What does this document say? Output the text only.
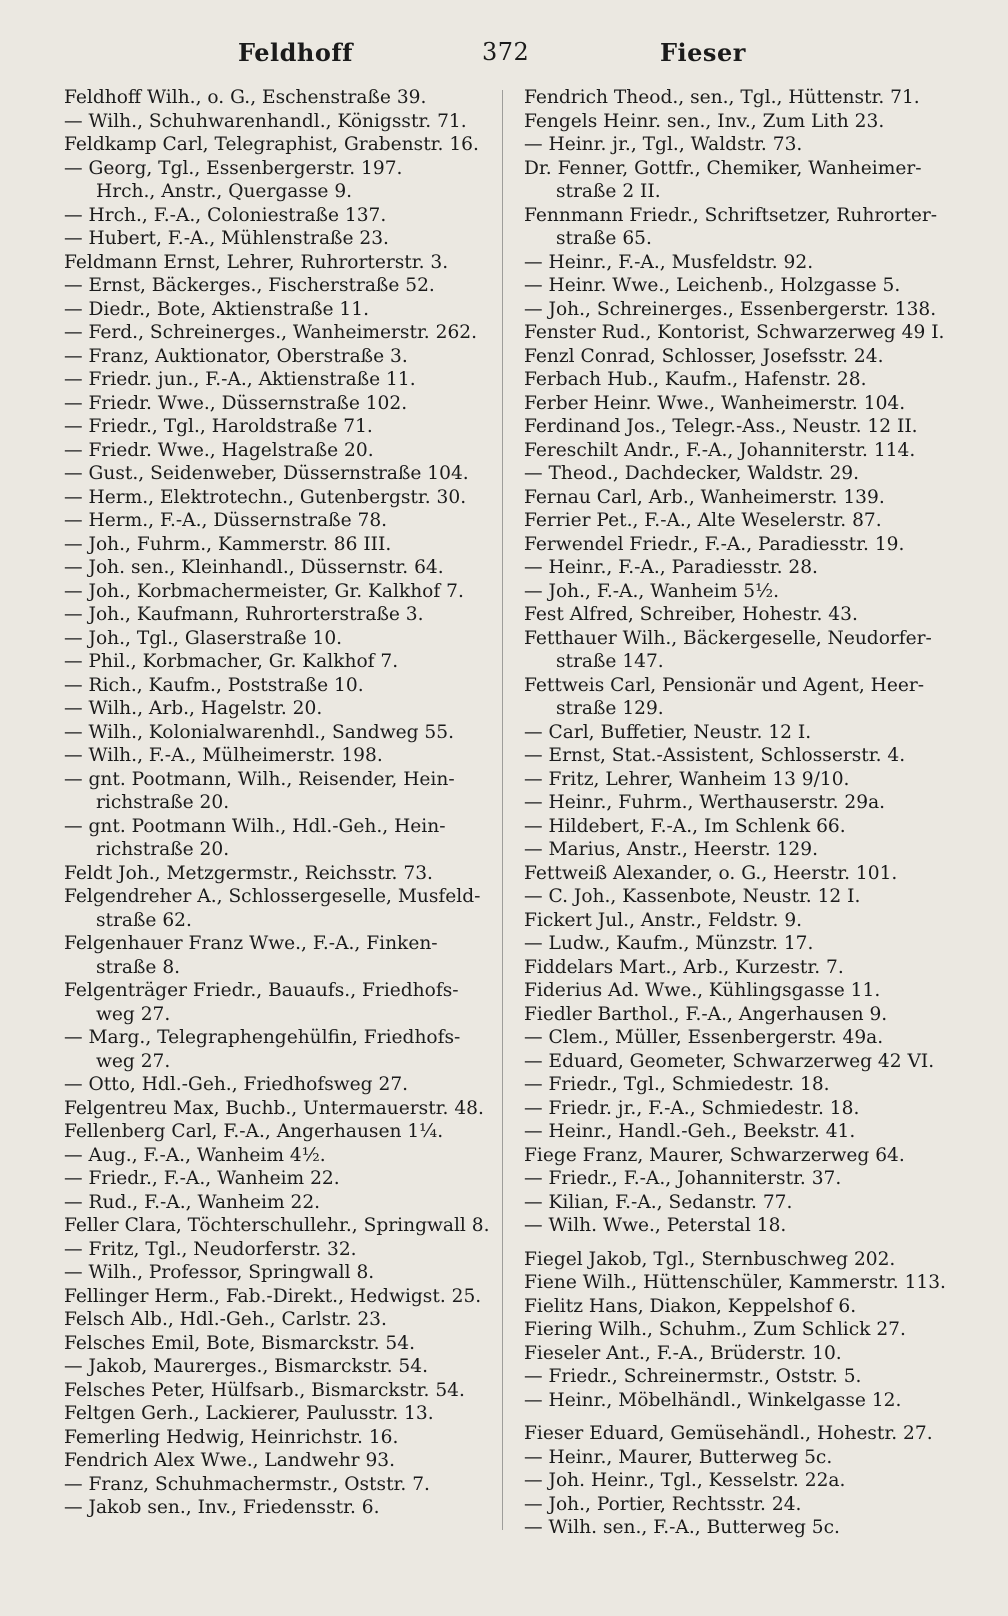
Feldhoff	372	Fieser
Feldhoff Wilh., o. G., Eschenstraße 39.
— Wilh., Schuhwarenhandl., Königsstr. 71.
Feldkamp Carl, Telegraphist, Grabenstr. 16.
— Georg, Tgl., Essenbergerstr. 197.
Hrch., Anstr., Quergasse 9.
— Hrch., F.-A., Coloniestraße 137.
— Hubert, F.-A., Mühlenstraße 23.
Feldmann Ernst, Lehrer, Ruhrorterstr. 3.
— Ernst, Bäckerges., Fischerstraße 52.
— Diedr., Bote, Aktienstraße 11.
— Ferd., Schreinerges., Wanheimerstr. 262.
— Franz, Auktionator, Oberstraße 3.
— Friedr. jun., F.-A., Aktienstraße 11.
— Friedr. Wwe., Düssernstraße 102.
— Friedr., Tgl., Haroldstraße 71.
— Friedr. Wwe., Hagelstraße 20.
— Gust., Seidenweber, Düssernstraße 104.
— Herm., Elektrotechn., Gutenbergstr. 30.
— Herm., F.-A., Düssernstraße 78.
— Joh., Fuhrm., Kammerstr. 86 III.
— Joh. sen., Kleinhandl., Düssernstr. 64.
— Joh., Korbmachermeister, Gr. Kalkhof 7.
— Joh., Kaufmann, Ruhrorterstraße 3.
— Joh., Tgl., Glaserstraße 10.
— Phil., Korbmacher, Gr. Kalkhof 7.
— Rich., Kaufm., Poststraße 10.
— Wilh., Arb., Hagelstr. 20.
— Wilh., Kolonialwarenhdl., Sandweg 55.
— Wilh., F.-A., Mülheimerstr. 198.
— gnt. Pootmann, Wilh., Reisender, Hein-
richstraße 20.
— gnt. Pootmann Wilh., Hdl.-Geh., Hein-
richstraße 20.
Feldt Joh., Metzgermstr., Reichsstr. 73.
Felgendreher A., Schlossergeselle, Musfeld-
straße 62.
Felgenhauer Franz Wwe., F.-A., Finken-
straße 8.
Felgenträger Friedr., Bauaufs., Friedhofs-
weg 27.
— Marg., Telegraphengehülfin, Friedhofs-
weg 27.
— Otto, Hdl.-Geh., Friedhofsweg 27.
Felgentreu Max, Buchb., Untermauerstr. 48.
Fellenberg Carl, F.-A., Angerhausen 1¼.
— Aug., F.-A., Wanheim 4½.
— Friedr., F.-A., Wanheim 22.
— Rud., F.-A., Wanheim 22.
Feller Clara, Töchterschullehr., Springwall 8.
— Fritz, Tgl., Neudorferstr. 32.
— Wilh., Professor, Springwall 8.
Fellinger Herm., Fab.-Direkt., Hedwigst. 25.
Felsch Alb., Hdl.-Geh., Carlstr. 23.
Felsches Emil, Bote, Bismarckstr. 54.
— Jakob, Maurerges., Bismarckstr. 54.
Felsches Peter, Hülfsarb., Bismarckstr. 54.
Feltgen Gerh., Lackierer, Paulusstr. 13.
Femerling Hedwig, Heinrichstr. 16.
Fendrich Alex Wwe., Landwehr 93.
— Franz, Schuhmachermstr., Oststr. 7.
— Jakob sen., Inv., Friedensstr. 6.
Fendrich Theod., sen., Tgl., Hüttenstr. 71.
Fengels Heinr. sen., Inv., Zum Lith 23.
— Heinr. jr., Tgl., Waldstr. 73.
Dr. Fenner, Gottfr., Chemiker, Wanheimer-
straße 2 II.
Fennmann Friedr., Schriftsetzer, Ruhrorter-
straße 65.
— Heinr., F.-A., Musfeldstr. 92.
— Heinr. Wwe., Leichenb., Holzgasse 5.
— Joh., Schreinerges., Essenbergerstr. 138.
Fenster Rud., Kontorist, Schwarzerweg 49 I.
Fenzl Conrad, Schlosser, Josefsstr. 24.
Ferbach Hub., Kaufm., Hafenstr. 28.
Ferber Heinr. Wwe., Wanheimerstr. 104.
Ferdinand Jos., Telegr.-Ass., Neustr. 12 II.
Fereschilt Andr., F.-A., Johanniterstr. 114.
— Theod., Dachdecker, Waldstr. 29.
Fernau Carl, Arb., Wanheimerstr. 139.
Ferrier Pet., F.-A., Alte Weselerstr. 87.
Ferwendel Friedr., F.-A., Paradiesstr. 19.
— Heinr., F.-A., Paradiesstr. 28.
— Joh., F.-A., Wanheim 5½.
Fest Alfred, Schreiber, Hohestr. 43.
Fetthauer Wilh., Bäckergeselle, Neudorfer-
straße 147.
Fettweis Carl, Pensionär und Agent, Heer-
straße 129.
— Carl, Buffetier, Neustr. 12 I.
— Ernst, Stat.-Assistent, Schlosserstr. 4.
— Fritz, Lehrer, Wanheim 13 9/10.
— Heinr., Fuhrm., Werthauserstr. 29a.
— Hildebert, F.-A., Im Schlenk 66.
— Marius, Anstr., Heerstr. 129.
Fettweiß Alexander, o. G., Heerstr. 101.
— C. Joh., Kassenbote, Neustr. 12 I.
Fickert Jul., Anstr., Feldstr. 9.
— Ludw., Kaufm., Münzstr. 17.
Fiddelars Mart., Arb., Kurzestr. 7.
Fiderius Ad. Wwe., Kühlingsgasse 11.
Fiedler Barthol., F.-A., Angerhausen 9.
— Clem., Müller, Essenbergerstr. 49a.
— Eduard, Geometer, Schwarzerweg 42 VI.
— Friedr., Tgl., Schmiedestr. 18.
— Friedr. jr., F.-A., Schmiedestr. 18.
— Heinr., Handl.-Geh., Beekstr. 41.
Fiege Franz, Maurer, Schwarzerweg 64.
— Friedr., F.-A., Johanniterstr. 37.
— Kilian, F.-A., Sedanstr. 77.
— Wilh. Wwe., Peterstal 18.
Fiegel Jakob, Tgl., Sternbuschweg 202.
Fiene Wilh., Hüttenschüler, Kammerstr. 113.
Fielitz Hans, Diakon, Keppelshof 6.
Fiering Wilh., Schuhm., Zum Schlick 27.
Fieseler Ant., F.-A., Brüderstr. 10.
— Friedr., Schreinermstr., Oststr. 5.
— Heinr., Möbelhändl., Winkelgasse 12.
Fieser Eduard, Gemüsehändl., Hohestr. 27.
— Heinr., Maurer, Butterweg 5c.
— Joh. Heinr., Tgl., Kesselstr. 22a.
— Joh., Portier, Rechtsstr. 24.
— Wilh. sen., F.-A., Butterweg 5c.
